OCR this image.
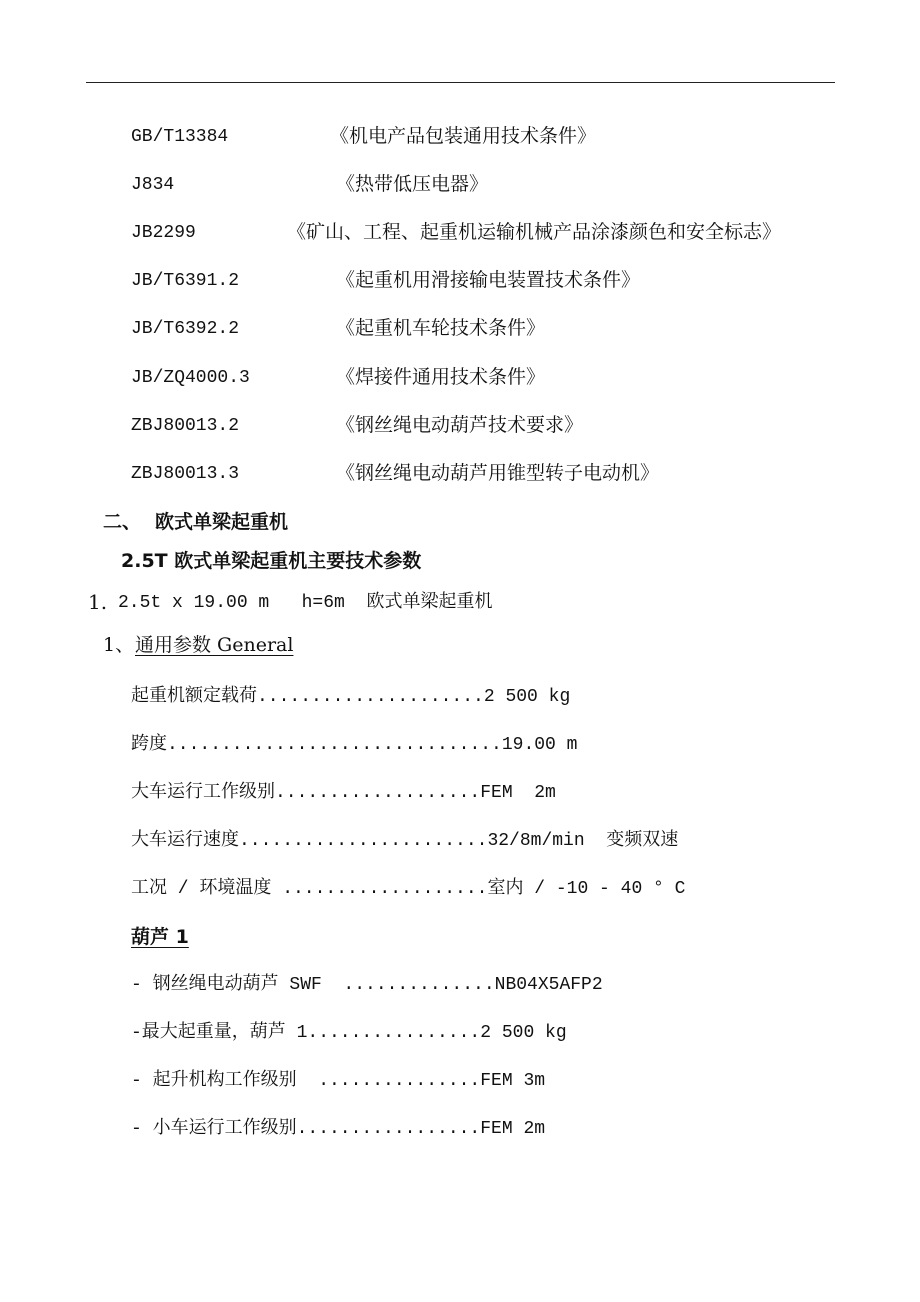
GB/T13384	《机电产品包装通用技术条件》
J834	《热带低压电器》
JB2299	《矿山、工程、起重机运输机械产品涂漆颜色和安全标志》
JB/T6391.2	《起重机用滑接输电装置技术条件》
JB/T6392.2	《起重机车轮技术条件》
JB/ZQ4000.3	《焊接件通用技术条件》
ZBJ80013.2	《钢丝绳电动葫芦技术要求》
ZBJ80013.3	《钢丝绳电动葫芦用锥型转子电动机》
二、 欧式单梁起重机
2.5T 欧式单梁起重机主要技术参数
1. 2.5t x 19.00 m   h=6m  欧式单梁起重机
1、 通用参数 General
起重机额定载荷.....................2 500 kg
跨度...............................19.00 m
大车运行工作级别...................FEM  2m
大车运行速度.......................32/8m/min  变频双速
工况 / 环境温度 ...................室内 / -10 - 40 ° C
葫芦 1
- 钢丝绳电动葫芦 SWF  ..............NB04X5AFP2
-最大起重量，葫芦 1................2 500 kg
- 起升机构工作级别  ...............FEM 3m
- 小车运行工作级别.................FEM 2m
